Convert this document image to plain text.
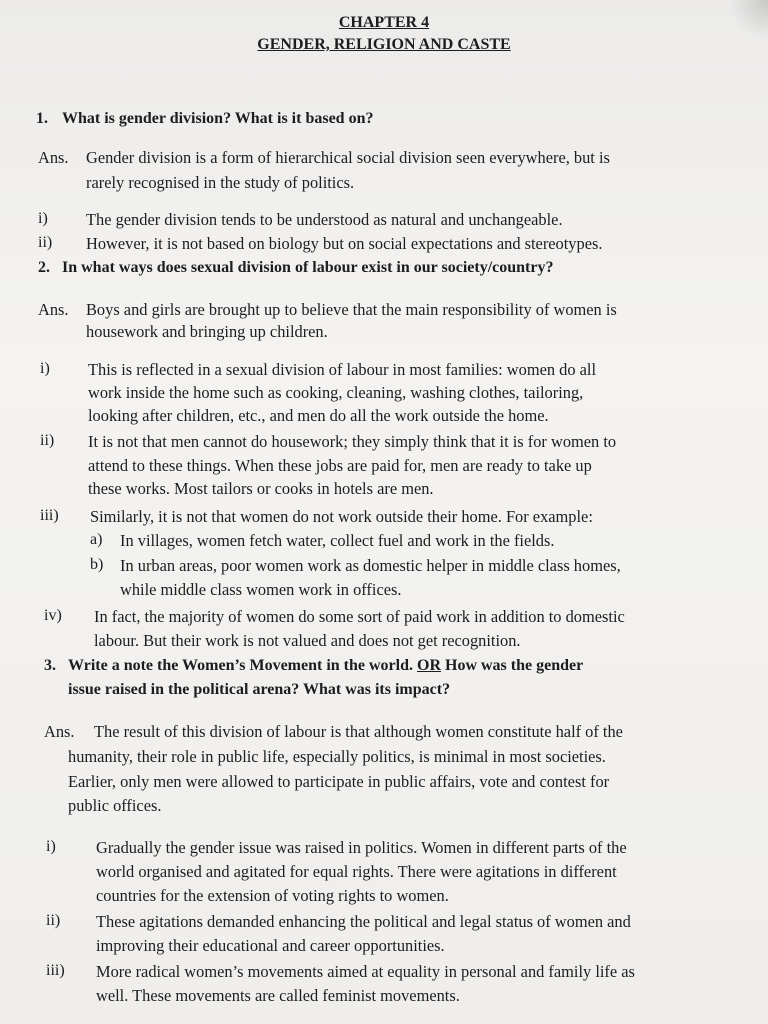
CHAPTER 4
GENDER, RELIGION AND CASTE
1. What is gender division? What is it based on?
Ans. Gender division is a form of hierarchical social division seen everywhere, but is
rarely recognised in the study of politics.
i) The gender division tends to be understood as natural and unchangeable.
ii) However, it is not based on biology but on social expectations and stereotypes.
2. In what ways does sexual division of labour exist in our society/country?
Ans. Boys and girls are brought up to believe that the main responsibility of women is
housework and bringing up children.
i) This is reflected in a sexual division of labour in most families: women do all
work inside the home such as cooking, cleaning, washing clothes, tailoring,
looking after children, etc., and men do all the work outside the home.
ii) It is not that men cannot do housework; they simply think that it is for women to
attend to these things. When these jobs are paid for, men are ready to take up
these works. Most tailors or cooks in hotels are men.
iii) Similarly, it is not that women do not work outside their home. For example:
a) In villages, women fetch water, collect fuel and work in the fields.
b) In urban areas, poor women work as domestic helper in middle class homes,
while middle class women work in offices.
iv) In fact, the majority of women do some sort of paid work in addition to domestic
labour. But their work is not valued and does not get recognition.
3. Write a note the Women’s Movement in the world. OR How was the gender
issue raised in the political arena? What was its impact?
Ans. The result of this division of labour is that although women constitute half of the
humanity, their role in public life, especially politics, is minimal in most societies.
Earlier, only men were allowed to participate in public affairs, vote and contest for
public offices.
i) Gradually the gender issue was raised in politics. Women in different parts of the
world organised and agitated for equal rights. There were agitations in different
countries for the extension of voting rights to women.
ii) These agitations demanded enhancing the political and legal status of women and
improving their educational and career opportunities.
iii) More radical women’s movements aimed at equality in personal and family life as
well. These movements are called feminist movements.
